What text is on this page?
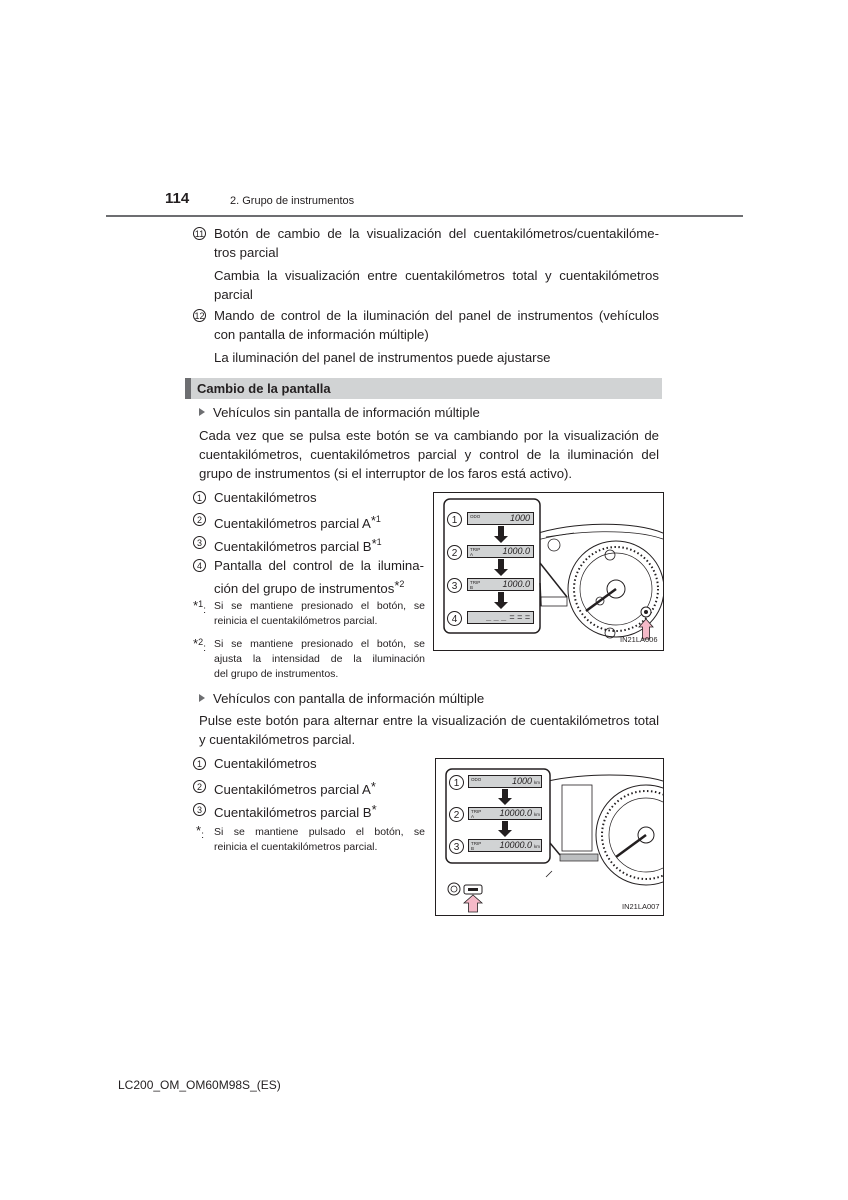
114	2. Grupo de instrumentos
11 Botón de cambio de la visualización del cuentakilómetros/cuentakilóme-
tros parcial
Cambia la visualización entre cuentakilómetros total y cuentakilómetros
parcial
12 Mando de control de la iluminación del panel de instrumentos (vehículos
con pantalla de información múltiple)
La iluminación del panel de instrumentos puede ajustarse
Cambio de la pantalla
Vehículos sin pantalla de información múltiple
Cada vez que se pulsa este botón se va cambiando por la visualización de
cuentakilómetros, cuentakilómetros parcial y control de la iluminación del
grupo de instrumentos (si el interruptor de los faros está activo).
1 Cuentakilómetros
2 Cuentakilómetros parcial A*$^1$
3 Cuentakilómetros parcial B*$^1$
4 Pantalla del control de la ilumina-
ción del grupo de instrumentos*$^2$
*1: Si se mantiene presionado el botón, se
reinicia el cuentakilómetros parcial.
*2: Si se mantiene presionado el botón, se
ajusta la intensidad de la iluminación
del grupo de instrumentos.
1	ODO	1000
2	TRIP A	1000.0
3	TRIP B	1000.0
4	_ _ _ = = =
IN21LA006
Vehículos con pantalla de información múltiple
Pulse este botón para alternar entre la visualización de cuentakilómetros total
y cuentakilómetros parcial.
1 Cuentakilómetros
2 Cuentakilómetros parcial A*
3 Cuentakilómetros parcial B*
*: Si se mantiene pulsado el botón, se
reinicia el cuentakilómetros parcial.
1	ODO	1000 km
2	TRIP A	10000.0 km
3	TRIP B	10000.0 km
IN21LA007
LC200_OM_OM60M98S_(ES)
